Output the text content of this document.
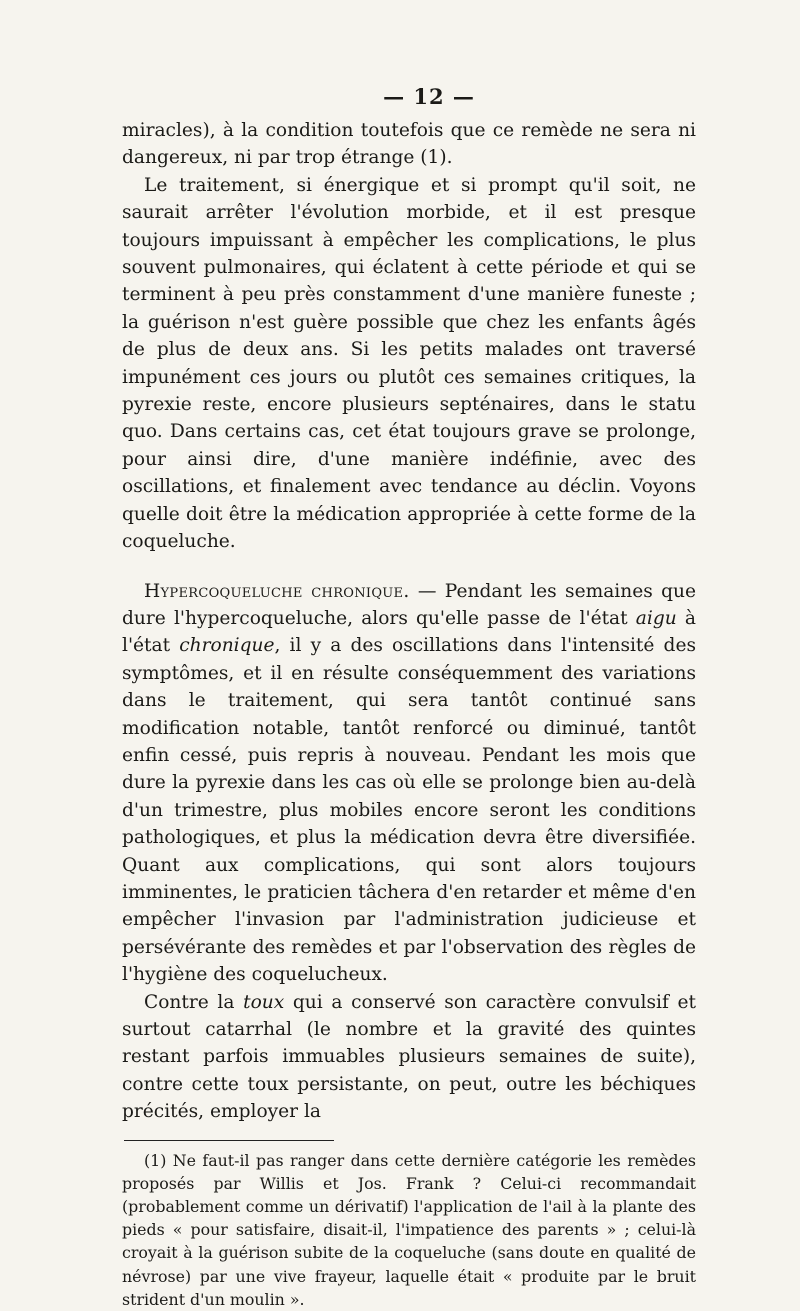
— 12 —

miracles), à la condition toutefois que ce remède ne sera ni dangereux, ni par trop étrange (1).

Le traitement, si énergique et si prompt qu'il soit, ne saurait arrêter l'évolution morbide, et il est presque toujours impuissant à empêcher les complications, le plus souvent pulmonaires, qui éclatent à cette période et qui se terminent à peu près constamment d'une manière funeste ; la guérison n'est guère possible que chez les enfants âgés de plus de deux ans. Si les petits malades ont traversé impunément ces jours ou plutôt ces semaines critiques, la pyrexie reste, encore plusieurs septénaires, dans le statu quo. Dans certains cas, cet état toujours grave se prolonge, pour ainsi dire, d'une manière indéfinie, avec des oscillations, et finalement avec tendance au déclin. Voyons quelle doit être la médication appropriée à cette forme de la coqueluche.

Hypercoqueluche chronique. — Pendant les semaines que dure l'hypercoqueluche, alors qu'elle passe de l'état aigu à l'état chronique, il y a des oscillations dans l'intensité des symptômes, et il en résulte conséquemment des variations dans le traitement, qui sera tantôt continué sans modification notable, tantôt renforcé ou diminué, tantôt enfin cessé, puis repris à nouveau. Pendant les mois que dure la pyrexie dans les cas où elle se prolonge bien au-delà d'un trimestre, plus mobiles encore seront les conditions pathologiques, et plus la médication devra être diversifiée. Quant aux complications, qui sont alors toujours imminentes, le praticien tâchera d'en retarder et même d'en empêcher l'invasion par l'administration judicieuse et persévérante des remèdes et par l'observation des règles de l'hygiène des coquelucheux.

Contre la toux qui a conservé son caractère convulsif et surtout catarrhal (le nombre et la gravité des quintes restant parfois immuables plusieurs semaines de suite), contre cette toux persistante, on peut, outre les béchiques précités, employer la

(1) Ne faut-il pas ranger dans cette dernière catégorie les remèdes proposés par Willis et Jos. Frank ? Celui-ci recommandait (probablement comme un dérivatif) l'application de l'ail à la plante des pieds « pour satisfaire, disait-il, l'impatience des parents » ; celui-là croyait à la guérison subite de la coqueluche (sans doute en qualité de névrose) par une vive frayeur, laquelle était « produite par le bruit strident d'un moulin ».
